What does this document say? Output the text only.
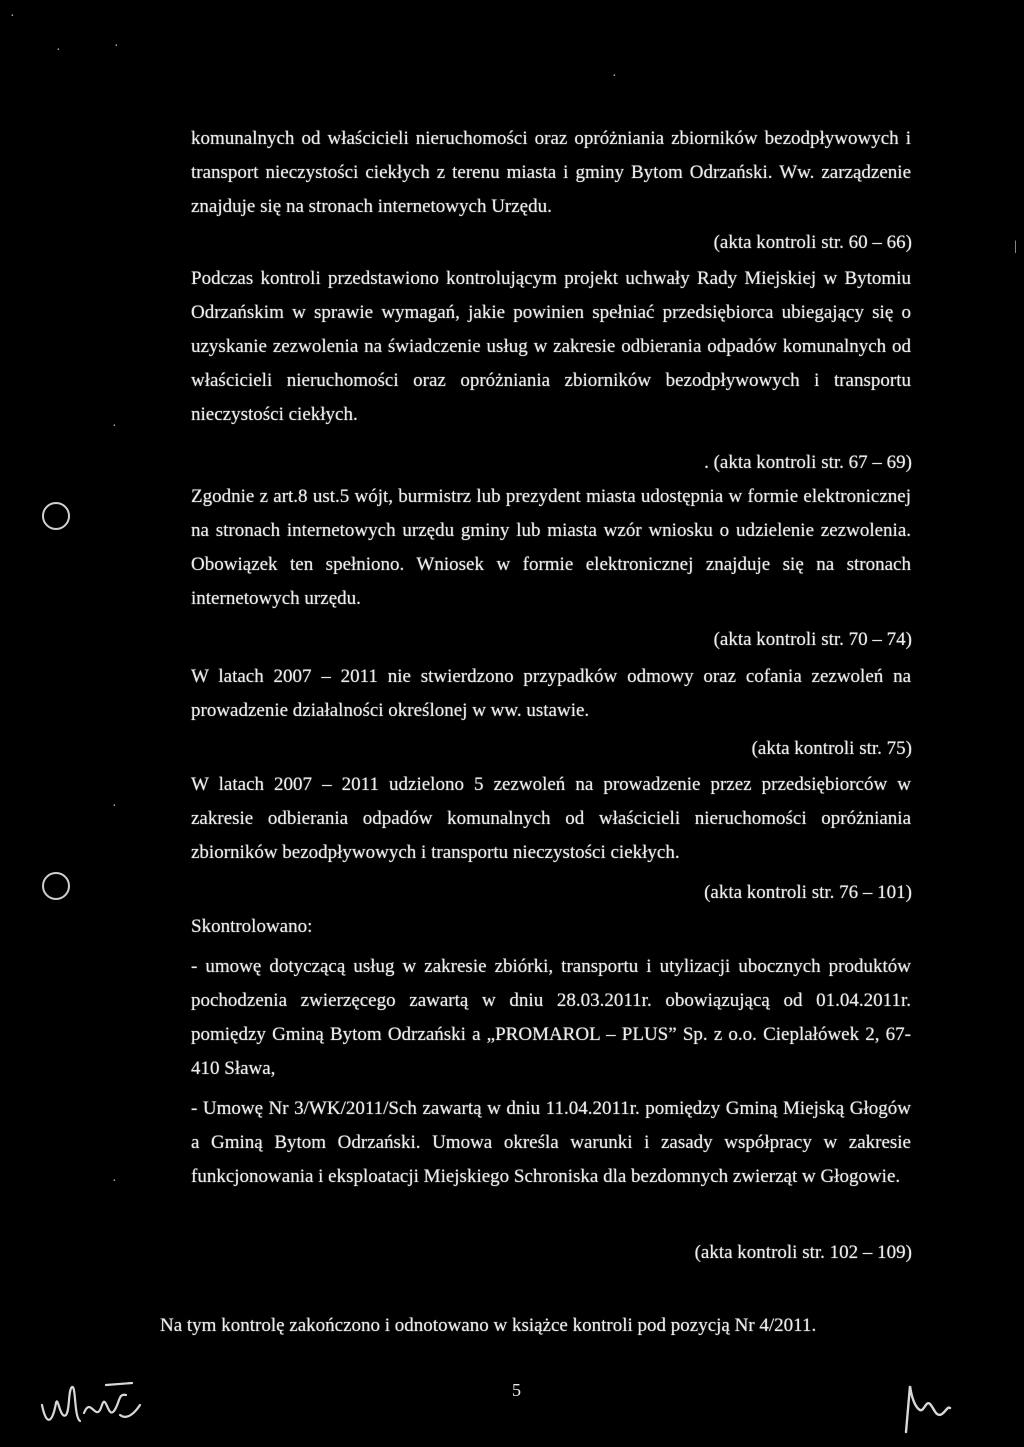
·
·	·
·
·
·
·
|
komunalnych od właścicieli nieruchomości oraz opróżniania zbiorników bezodpływowych i transport nieczystości ciekłych z terenu miasta i gminy Bytom Odrzański. Ww. zarządzenie znajduje się na stronach internetowych Urzędu.
(akta kontroli str. 60 – 66)
Podczas kontroli przedstawiono kontrolującym projekt uchwały Rady Miejskiej w Bytomiu Odrzańskim w sprawie wymagań, jakie powinien spełniać przedsiębiorca ubiegający się o uzyskanie zezwolenia na świadczenie usług w zakresie odbierania odpadów komunalnych od właścicieli nieruchomości oraz opróżniania zbiorników bezodpływowych i transportu nieczystości ciekłych.
. (akta kontroli str. 67 – 69)
Zgodnie z art.8 ust.5 wójt, burmistrz lub prezydent miasta udostępnia w formie elektronicznej na stronach internetowych urzędu gminy lub miasta wzór wniosku o udzielenie zezwolenia. Obowiązek ten spełniono. Wniosek w formie elektronicznej znajduje się na stronach internetowych urzędu.
(akta kontroli str. 70 – 74)
W latach 2007 – 2011 nie stwierdzono przypadków odmowy oraz cofania zezwoleń na prowadzenie działalności określonej w ww. ustawie.
(akta kontroli str. 75)
W latach 2007 – 2011 udzielono 5 zezwoleń na prowadzenie przez przedsiębiorców w zakresie odbierania odpadów komunalnych od właścicieli nieruchomości opróżniania zbiorników bezodpływowych i transportu nieczystości ciekłych.
(akta kontroli str. 76 – 101)
Skontrolowano:
- umowę dotyczącą usług w zakresie zbiórki, transportu i utylizacji ubocznych produktów pochodzenia zwierzęcego zawartą w dniu 28.03.2011r. obowiązującą od 01.04.2011r. pomiędzy Gminą Bytom Odrzański a „PROMAROL – PLUS” Sp. z o.o. Cieplałówek 2, 67-410 Sława,
- Umowę Nr 3/WK/2011/Sch zawartą w dniu 11.04.2011r. pomiędzy Gminą Miejską Głogów a Gminą Bytom Odrzański. Umowa określa warunki i zasady współpracy w zakresie funkcjonowania i eksploatacji Miejskiego Schroniska dla bezdomnych zwierząt w Głogowie.
(akta kontroli str. 102 – 109)
Na tym kontrolę zakończono i odnotowano w książce kontroli pod pozycją Nr 4/2011.
5
